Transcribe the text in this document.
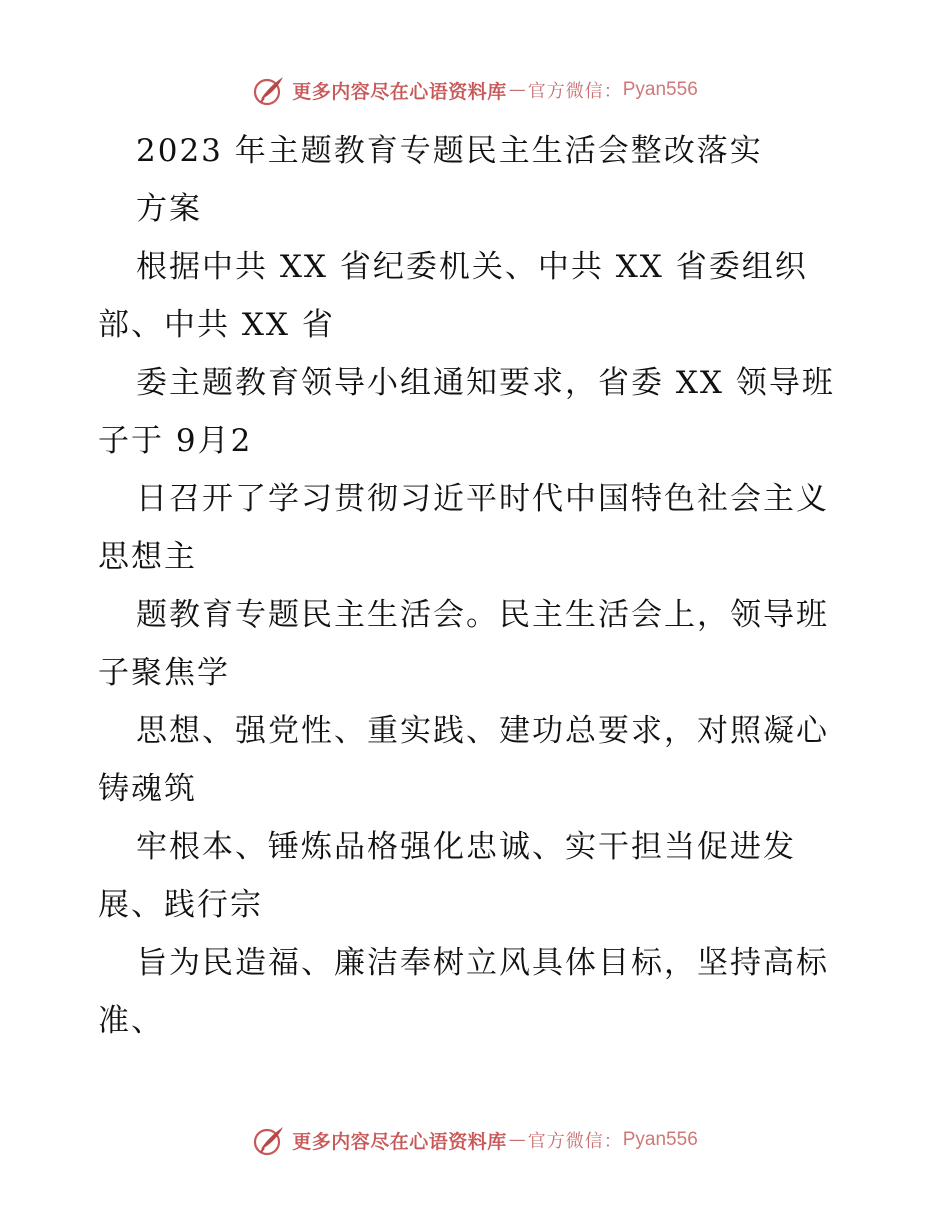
更多内容尽在心语资料库 — 官方微信： Pyan556
2023 年主题教育专题民主生活会整改落实
方案
根据中共 XX 省纪委机关、中共 XX 省委组织
部、中共 XX 省
委主题教育领导小组通知要求，省委 XX 领导班
子于 9月2
日召开了学习贯彻习近平时代中国特色社会主义
思想主
题教育专题民主生活会。民主生活会上，领导班
子聚焦学
思想、强党性、重实践、建功总要求，对照凝心
铸魂筑
牢根本、锤炼品格强化忠诚、实干担当促进发
展、践行宗
旨为民造福、廉洁奉树立风具体目标，坚持高标
准、
更多内容尽在心语资料库 — 官方微信： Pyan556
